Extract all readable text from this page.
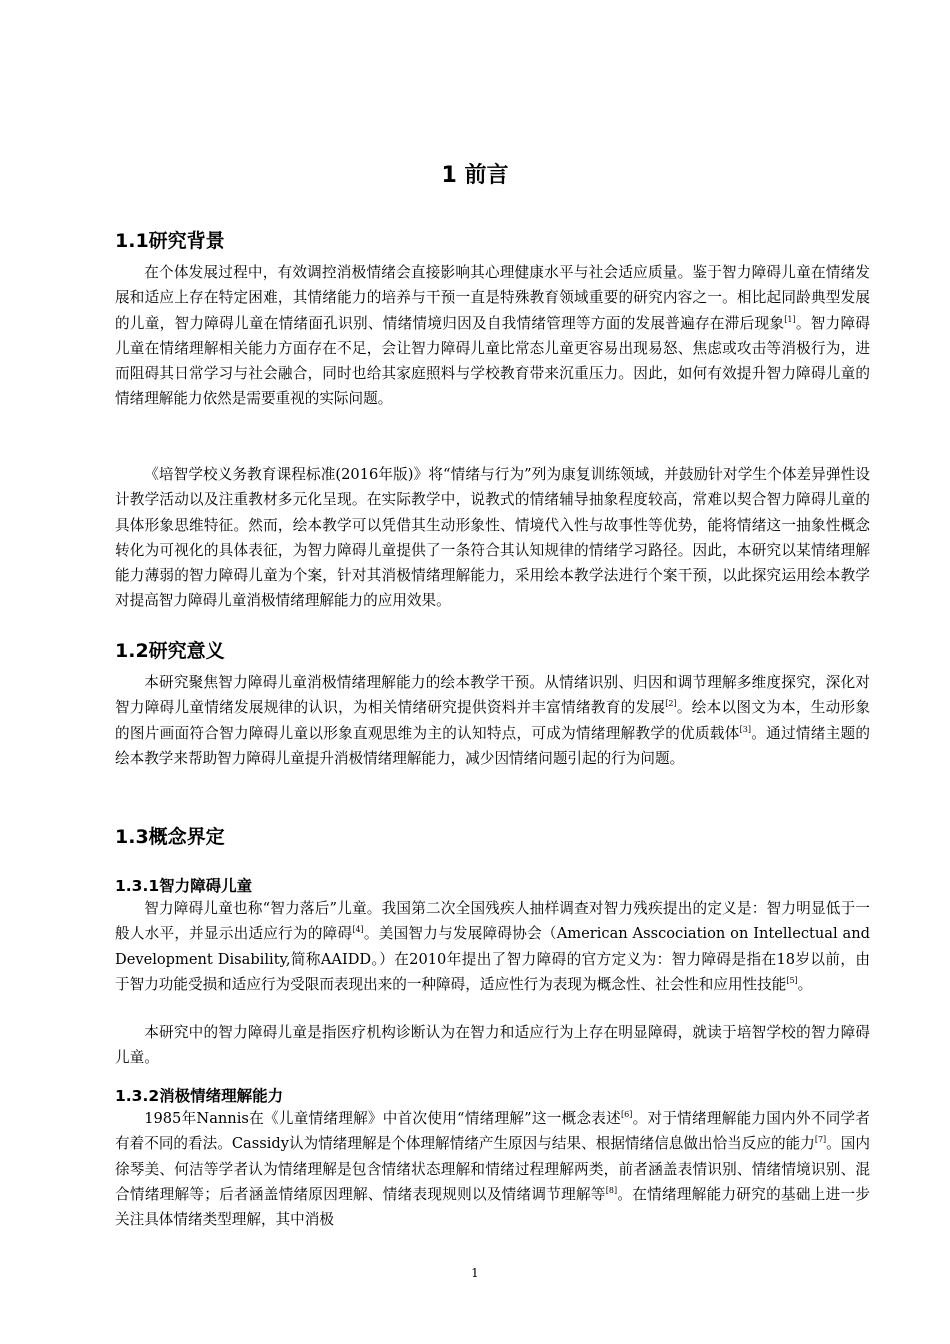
1 前言
1.1研究背景

在个体发展过程中，有效调控消极情绪会直接影响其心理健康水平与社会适应质量。鉴于智力障碍儿童在情绪发展和适应上存在特定困难，其情绪能力的培养与干预一直是特殊教育领域重要的研究内容之一。相比起同龄典型发展的儿童，智力障碍儿童在情绪面孔识别、情绪情境归因及自我情绪管理等方面的发展普遍存在滞后现象[1]。智力障碍儿童在情绪理解相关能力方面存在不足，会让智力障碍儿童比常态儿童更容易出现易怒、焦虑或攻击等消极行为，进而阻碍其日常学习与社会融合，同时也给其家庭照料与学校教育带来沉重压力。因此，如何有效提升智力障碍儿童的情绪理解能力依然是需要重视的实际问题。

《培智学校义务教育课程标准(2016年版)》将“情绪与行为”列为康复训练领域，并鼓励针对学生个体差异弹性设计教学活动以及注重教材多元化呈现。在实际教学中，说教式的情绪辅导抽象程度较高，常难以契合智力障碍儿童的具体形象思维特征。然而，绘本教学可以凭借其生动形象性、情境代入性与故事性等优势，能将情绪这一抽象性概念转化为可视化的具体表征，为智力障碍儿童提供了一条符合其认知规律的情绪学习路径。因此，本研究以某情绪理解能力薄弱的智力障碍儿童为个案，针对其消极情绪理解能力，采用绘本教学法进行个案干预，以此探究运用绘本教学对提高智力障碍儿童消极情绪理解能力的应用效果。

1.2研究意义

本研究聚焦智力障碍儿童消极情绪理解能力的绘本教学干预。从情绪识别、归因和调节理解多维度探究，深化对智力障碍儿童情绪发展规律的认识，为相关情绪研究提供资料并丰富情绪教育的发展[2]。绘本以图文为本，生动形象的图片画面符合智力障碍儿童以形象直观思维为主的认知特点，可成为情绪理解教学的优质载体[3]。通过情绪主题的绘本教学来帮助智力障碍儿童提升消极情绪理解能力，减少因情绪问题引起的行为问题。

1.3概念界定
1.3.1智力障碍儿童

智力障碍儿童也称“智力落后”儿童。我国第二次全国残疾人抽样调查对智力残疾提出的定义是：智力明显低于一般人水平，并显示出适应行为的障碍[4]。美国智力与发展障碍协会（American Asscociation on Intellectual and Development Disability,简称AAIDD。）在2010年提出了智力障碍的官方定义为：智力障碍是指在18岁以前，由于智力功能受损和适应行为受限而表现出来的一种障碍，适应性行为表现为概念性、社会性和应用性技能[5]。

本研究中的智力障碍儿童是指医疗机构诊断认为在智力和适应行为上存在明显障碍，就读于培智学校的智力障碍儿童。

1.3.2消极情绪理解能力

1985年Nannis在《儿童情绪理解》中首次使用“情绪理解”这一概念表述[6]。对于情绪理解能力国内外不同学者有着不同的看法。Cassidy认为情绪理解是个体理解情绪产生原因与结果、根据情绪信息做出恰当反应的能力[7]。国内徐琴美、何洁等学者认为情绪理解是包含情绪状态理解和情绪过程理解两类，前者涵盖表情识别、情绪情境识别、混合情绪理解等；后者涵盖情绪原因理解、情绪表现规则以及情绪调节理解等[8]。在情绪理解能力研究的基础上进一步关注具体情绪类型理解，其中消极

1
